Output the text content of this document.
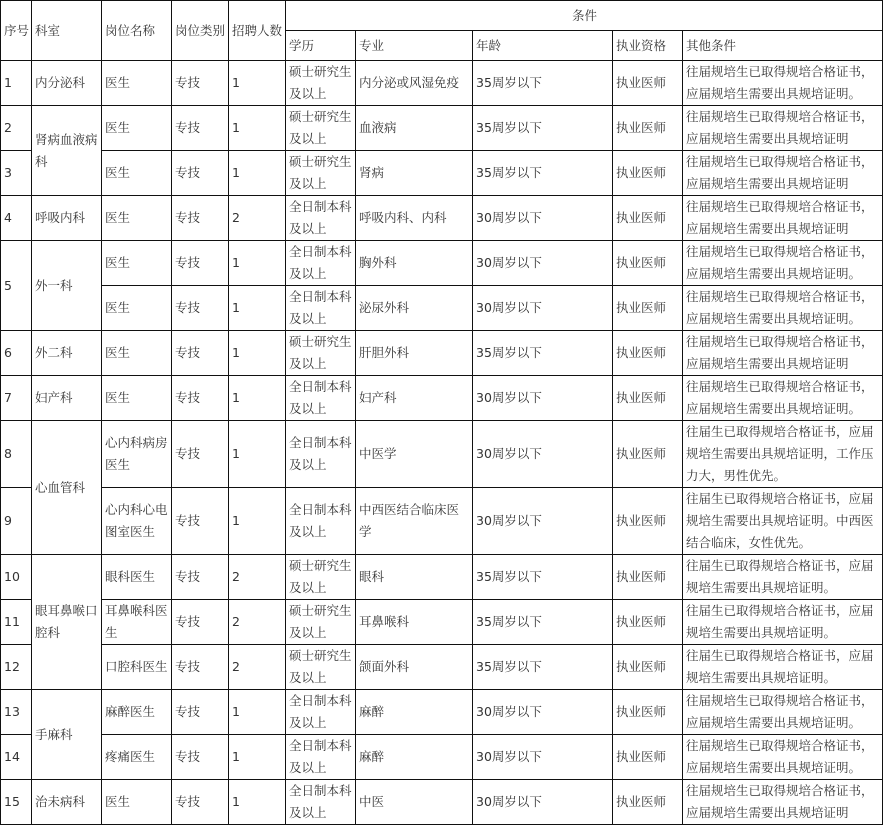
序号	科室	岗位名称	岗位类别	招聘人数	条件				
					学历	专业	年龄	执业资格	其他条件
1	内分泌科	医生	专技	1	硕士研究生及以上	内分泌或风湿免疫	35周岁以下	执业医师	往届规培生已取得规培合格证书，应届规培生需要出具规培证明。
2	肾病血液病科	医生	专技	1	硕士研究生及以上	血液病	35周岁以下	执业医师	往届规培生已取得规培合格证书，应届规培生需要出具规培证明
3		医生	专技	1	硕士研究生及以上	肾病	35周岁以下	执业医师	往届规培生已取得规培合格证书，应届规培生需要出具规培证明
4	呼吸内科	医生	专技	2	全日制本科及以上	呼吸内科、内科	30周岁以下	执业医师	往届规培生已取得规培合格证书，应届规培生需要出具规培证明
5	外一科	医生	专技	1	全日制本科及以上	胸外科	30周岁以下	执业医师	往届规培生已取得规培合格证书，应届规培生需要出具规培证明。
		医生	专技	1	全日制本科及以上	泌尿外科	30周岁以下	执业医师	往届规培生已取得规培合格证书，应届规培生需要出具规培证明。
6	外二科	医生	专技	1	硕士研究生及以上	肝胆外科	35周岁以下	执业医师	往届规培生已取得规培合格证书，应届规培生需要出具规培证明
7	妇产科	医生	专技	1	全日制本科及以上	妇产科	30周岁以下	执业医师	往届规培生已取得规培合格证书，应届规培生需要出具规培证明。
8	心血管科	心内科病房医生	专技	1	全日制本科及以上	中医学	30周岁以下	执业医师	往届生已取得规培合格证书，应届规培生需要出具规培证明，工作压力大，男性优先。
9		心内科心电图室医生	专技	1	全日制本科及以上	中西医结合临床医学	30周岁以下	执业医师	往届生已取得规培合格证书，应届规培生需要出具规培证明。中西医结合临床，女性优先。
10	眼耳鼻喉口腔科	眼科医生	专技	2	硕士研究生及以上	眼科	35周岁以下	执业医师	往届生已取得规培合格证书，应届规培生需要出具规培证明。
11		耳鼻喉科医生	专技	2	硕士研究生及以上	耳鼻喉科	35周岁以下	执业医师	往届生已取得规培合格证书，应届规培生需要出具规培证明。
12		口腔科医生	专技	2	硕士研究生及以上	颌面外科	35周岁以下	执业医师	往届生已取得规培合格证书，应届规培生需要出具规培证明。
13	手麻科	麻醉医生	专技	1	全日制本科及以上	麻醉	30周岁以下	执业医师	往届规培生已取得规培合格证书，应届规培生需要出具规培证明。
14		疼痛医生	专技	1	全日制本科及以上	麻醉	30周岁以下	执业医师	往届规培生已取得规培合格证书，应届规培生需要出具规培证明。
15	治未病科	医生	专技	1	全日制本科及以上	中医	30周岁以下	执业医师	往届规培生已取得规培合格证书，应届规培生需要出具规培证明
